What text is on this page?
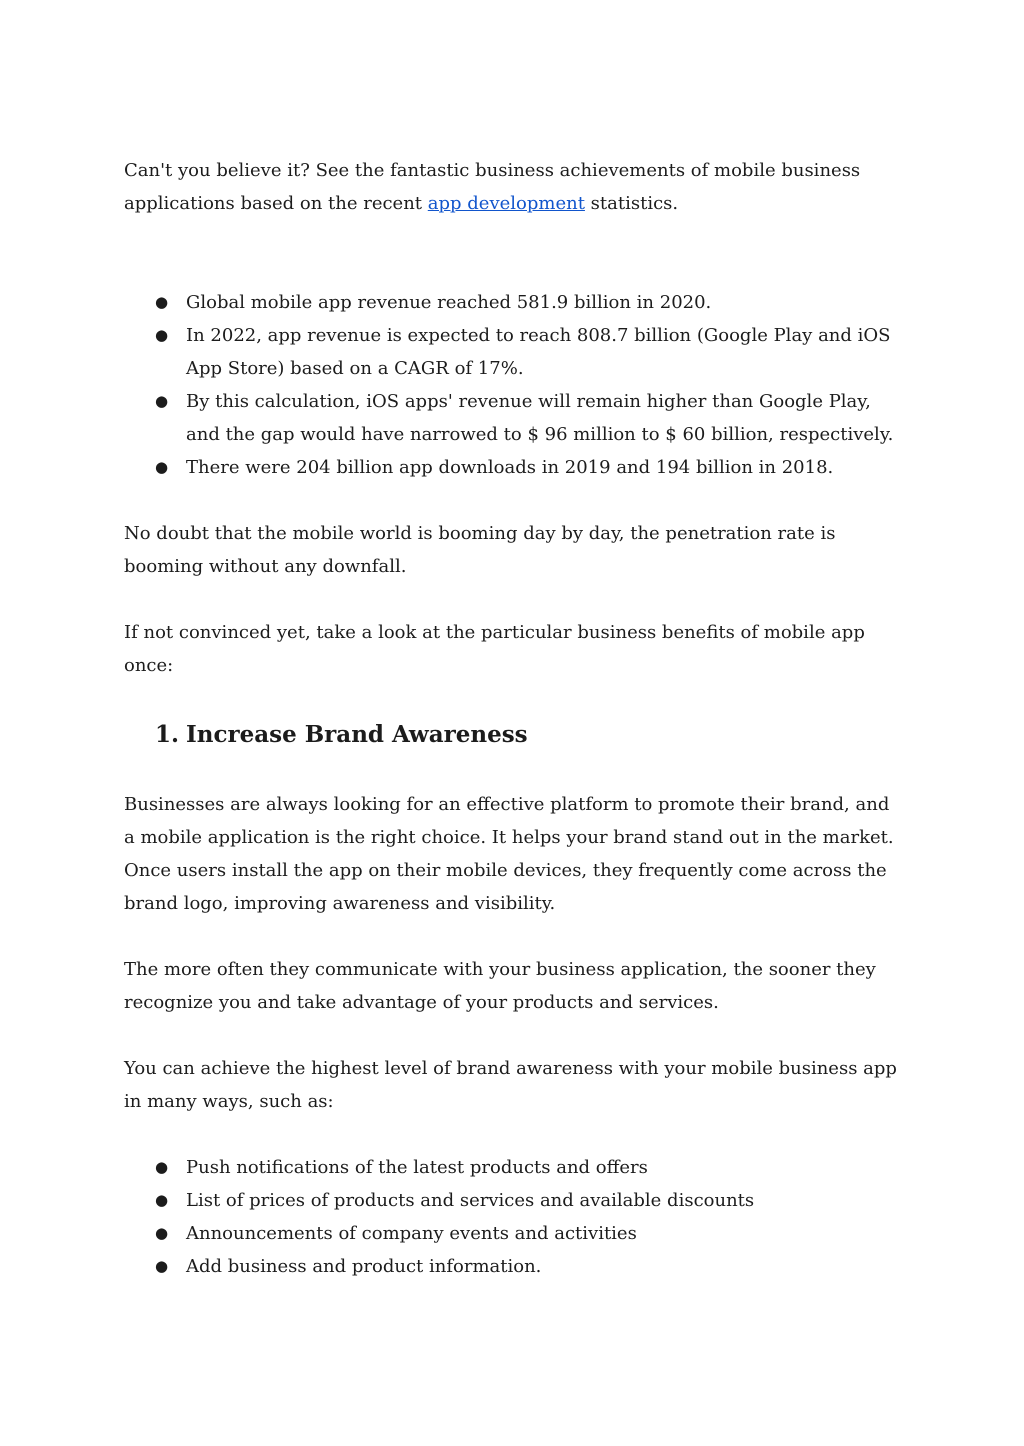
Can't you believe it? See the fantastic business achievements of mobile business applications based on the recent app development statistics.

● Global mobile app revenue reached 581.9 billion in 2020.
● In 2022, app revenue is expected to reach 808.7 billion (Google Play and iOS App Store) based on a CAGR of 17%.
● By this calculation, iOS apps' revenue will remain higher than Google Play, and the gap would have narrowed to $ 96 million to $ 60 billion, respectively.
● There were 204 billion app downloads in 2019 and 194 billion in 2018.

No doubt that the mobile world is booming day by day, the penetration rate is booming without any downfall.

If not convinced yet, take a look at the particular business benefits of mobile app once:

1. Increase Brand Awareness

Businesses are always looking for an effective platform to promote their brand, and a mobile application is the right choice. It helps your brand stand out in the market. Once users install the app on their mobile devices, they frequently come across the brand logo, improving awareness and visibility.

The more often they communicate with your business application, the sooner they recognize you and take advantage of your products and services.

You can achieve the highest level of brand awareness with your mobile business app in many ways, such as:

● Push notifications of the latest products and offers
● List of prices of products and services and available discounts
● Announcements of company events and activities
● Add business and product information.
